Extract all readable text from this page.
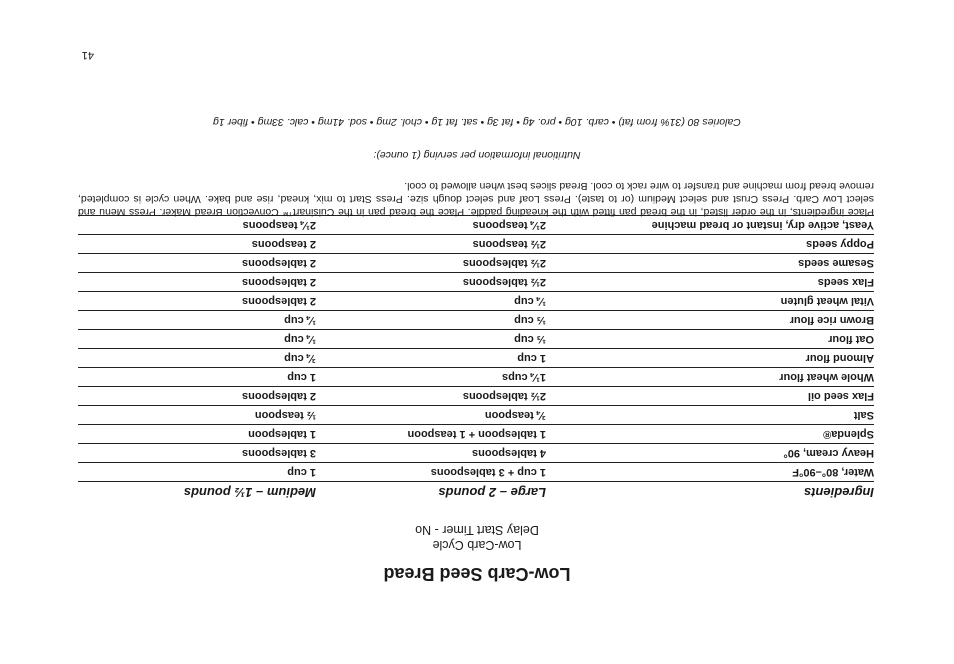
Low-Carb Seed Bread
Low-Carb Cycle
Delay Start Timer - No
Ingredients
Large – 2 pounds
Medium – 1½ pounds
Water, 80°–90°F
1 cup + 3 tablespoons
1 cup
Heavy cream, 90°
4 tablespoons
3 tablespoons
Splenda®
1 tablespoon + 1 teaspoon
1 tablespoon
Salt
¾ teaspoon
½ teaspoon
Flax seed oil
2½ tablespoons
2 tablespoons
Whole wheat flour
1¼ cups
1 cup
Almond flour
1 cup
¾ cup
Oat flour
⅓ cup
¼ cup
Brown rice flour
⅓ cup
¼ cup
Vital wheat gluten
¼ cup
2 tablespoons
Flax seeds
2½ tablespoons
2 tablespoons
Sesame seeds
2½ tablespoons
2 tablespoons
Poppy seeds
2½ teaspoons
2 teaspoons
Yeast, active dry, instant or bread machine
2¼ teaspoons
2¼ teaspoons
Place ingredients, in the order listed, in the bread pan fitted with the kneading paddle. Place the bread pan in the Cuisinart™ Convection Bread Maker. Press Menu and select Low Carb. Press Crust and select Medium (or to taste). Press Loaf and select dough size. Press Start to mix, knead, rise and bake. When cycle is completed, remove bread from machine and transfer to wire rack to cool. Bread slices best when allowed to cool.
Nutritional information per serving (1 ounce):
Calories 80 (31% from fat) • carb. 10g • pro. 4g • fat 3g • sat. fat 1g • chol. 2mg • sod. 41mg • calc. 33mg • fiber 1g
41
